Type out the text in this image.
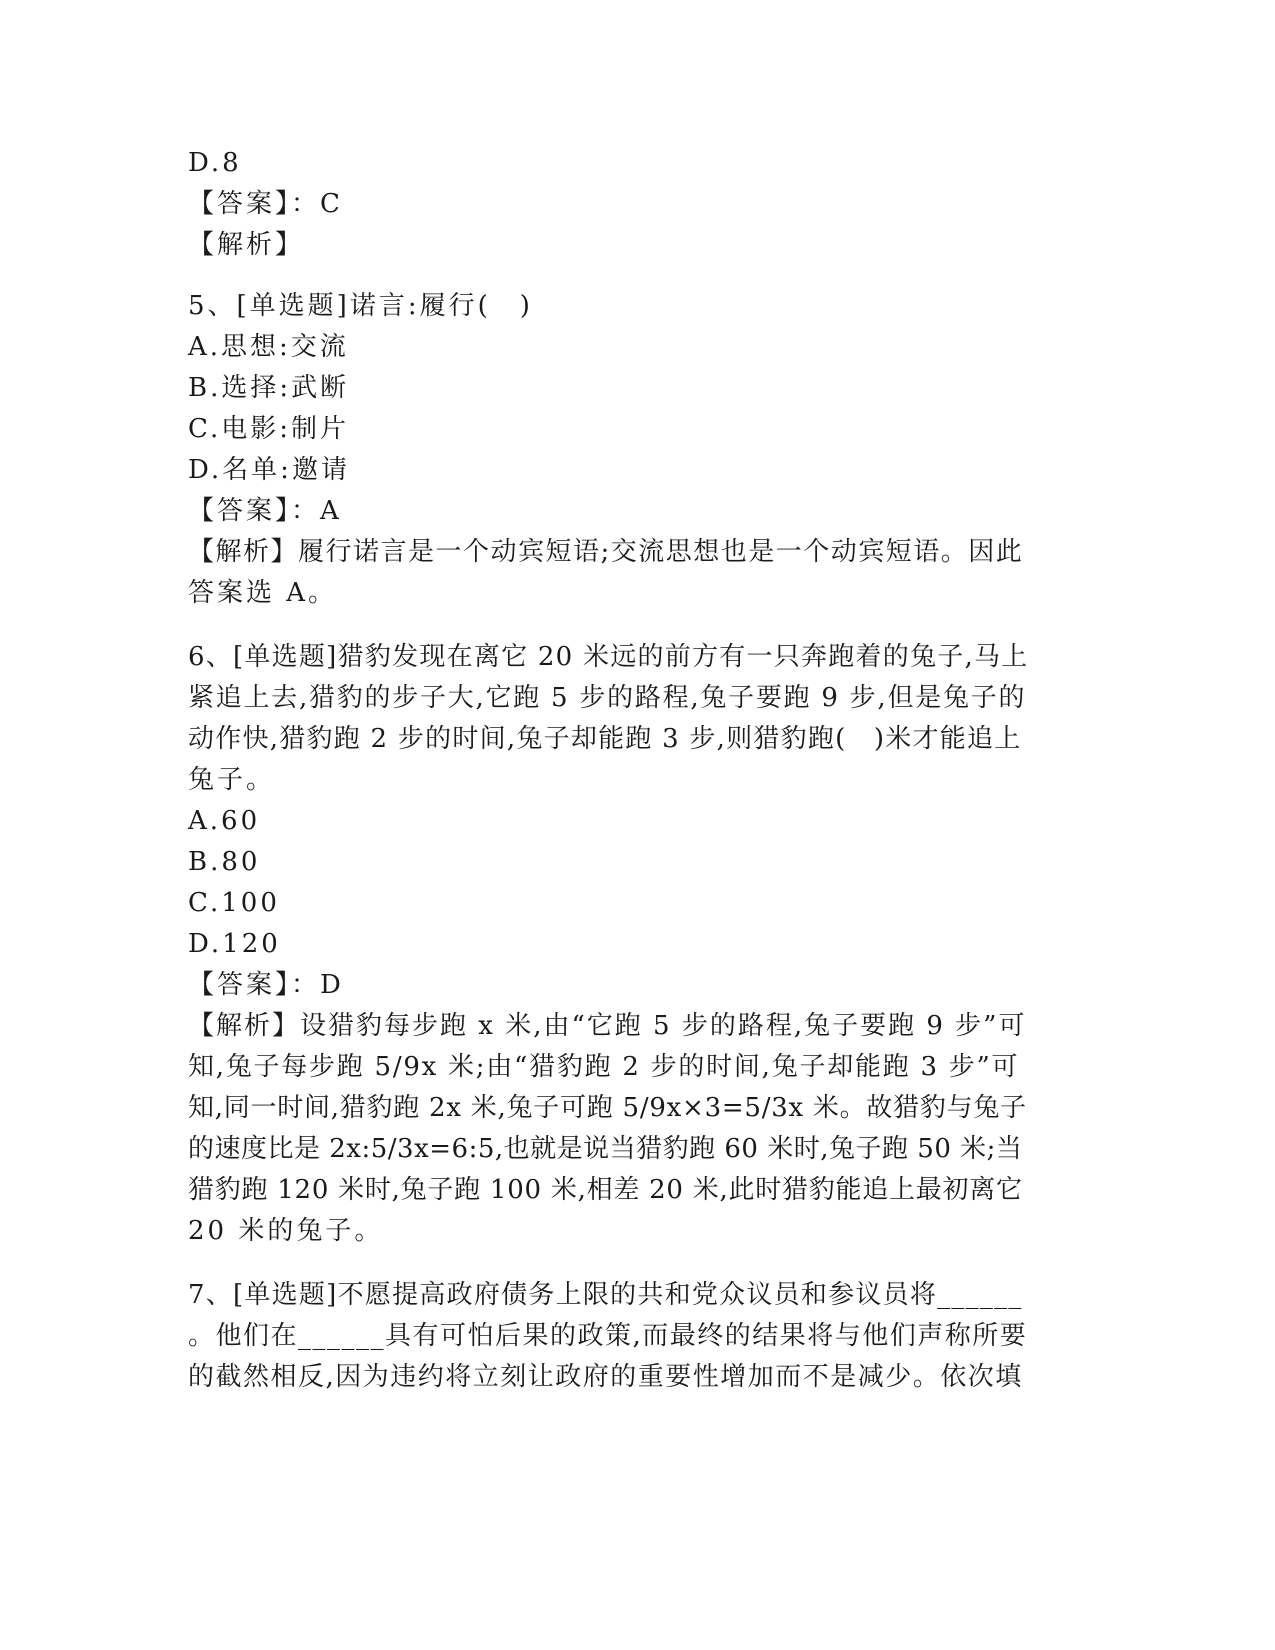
D.8
【答案】：C
【解析】
5、[单选题]诺言:履行(　)
A.思想:交流
B.选择:武断
C.电影:制片
D.名单:邀请
【答案】：A
【解析】履行诺言是一个动宾短语;交流思想也是一个动宾短语。因此
答案选 A。
6、[单选题]猎豹发现在离它 20 米远的前方有一只奔跑着的兔子,马上
紧追上去,猎豹的步子大,它跑 5 步的路程,兔子要跑 9 步,但是兔子的
动作快,猎豹跑 2 步的时间,兔子却能跑 3 步,则猎豹跑(　)米才能追上
兔子。
A.60
B.80
C.100
D.120
【答案】：D
【解析】设猎豹每步跑 x 米,由“它跑 5 步的路程,兔子要跑 9 步”可
知,兔子每步跑 5/9x 米;由“猎豹跑 2 步的时间,兔子却能跑 3 步”可
知,同一时间,猎豹跑 2x 米,兔子可跑 5/9x×3=5/3x 米。故猎豹与兔子
的速度比是 2x:5/3x=6:5,也就是说当猎豹跑 60 米时,兔子跑 50 米;当
猎豹跑 120 米时,兔子跑 100 米,相差 20 米,此时猎豹能追上最初离它
20 米的兔子。
7、[单选题]不愿提高政府债务上限的共和党众议员和参议员将______
。他们在______具有可怕后果的政策,而最终的结果将与他们声称所要
的截然相反,因为违约将立刻让政府的重要性增加而不是减少。依次填
